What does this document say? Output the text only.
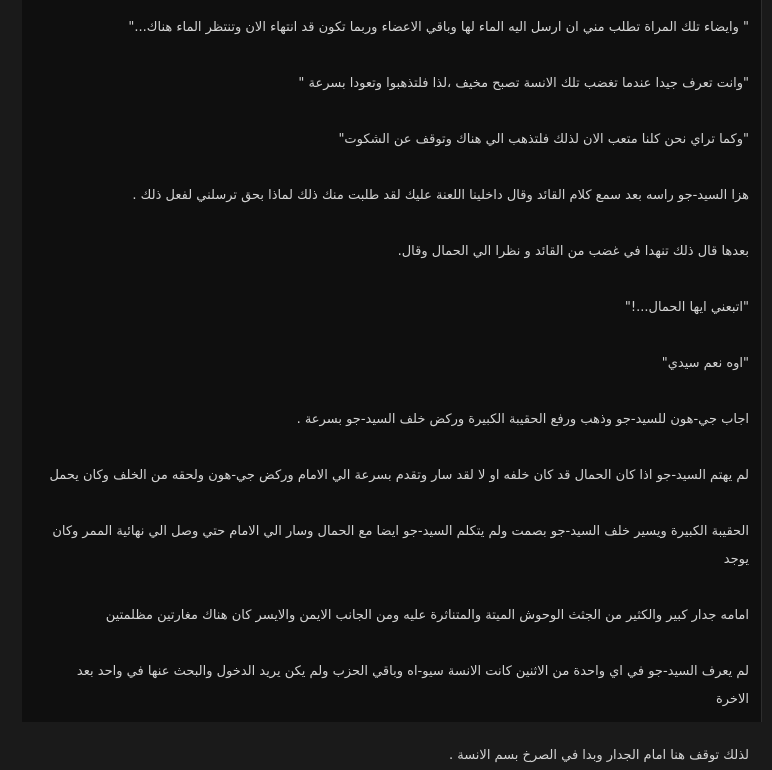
" وايضاء تلك المراة تطلب مني ان ارسل اليه الماء لها وباقي الاعضاء وربما تكون قد انتهاء الان وتنتظر الماء هناك..."

"وانت تعرف جيدا عندما تغضب تلك الانسة تصبح مخيف ،لذا فلتذهبوا وتعودا بسرعة "

"وكما تراي نحن كلنا متعب الان لذلك فلتذهب الي هناك وتوقف عن الشكوت"

هزا السيد-جو راسه بعد سمع كلام القائد وقال داخلينا اللعنة عليك لقد طلبت منك ذلك لماذا بحق ترسلني لفعل ذلك .

بعدها قال ذلك تنهدا في غضب من القائد و نظرا الي الحمال وقال.

"اتبعني ايها الحمال...!"

"اوه نعم سيدي"

اجاب جي-هون للسيد-جو وذهب ورفع الحقيبة الكبيرة وركض خلف السيد-جو بسرعة .

لم يهتم السيد-جو اذا كان الحمال قد كان خلفه او لا لقد سار وتقدم بسرعة الي الامام وركض جي-هون ولحقه من الخلف وكان يحمل

الحقيبة الكبيرة ويسير خلف السيد-جو بصمت ولم يتكلم السيد-جو ايضا مع الحمال وسار الي الامام حتي وصل الي نهائية الممر وكان يوجد

امامه جدار كبير والكثير من الجثث الوحوش الميتة والمتناثرة عليه ومن الجانب الايمن والايسر كان هناك مغارتين مظلمتين

لم يعرف السيد-جو في اي واحدة من الاثنين كانت الانسة سيو-اه وباقي الحزب ولم يكن يريد الدخول والبحث عنها في واحد بعد الاخرة

لذلك توقف هنا امام الجدار وبدا في الصرخ بسم الانسة .
